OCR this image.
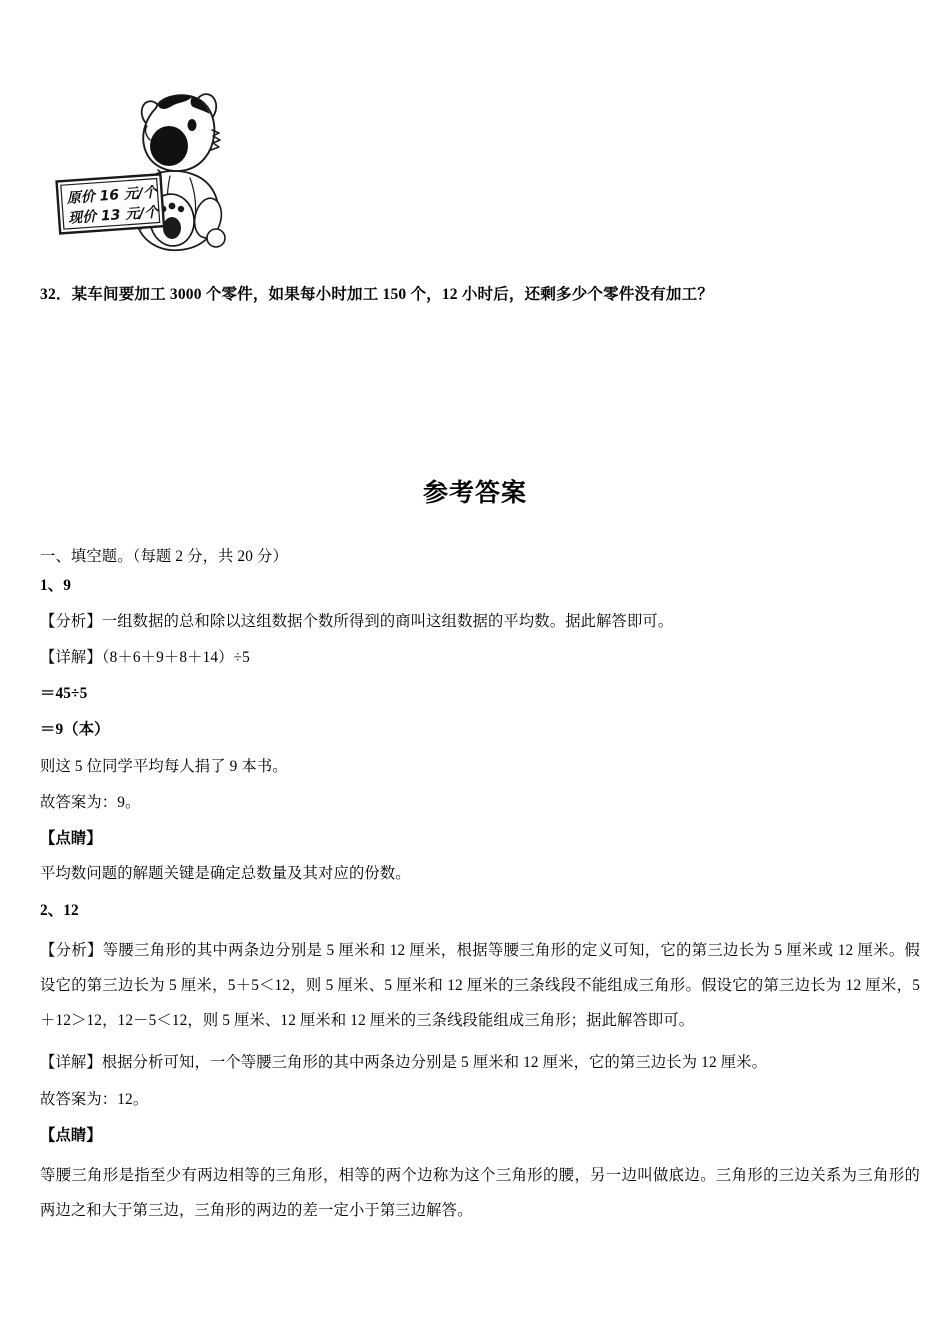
原价 16 元/个
现价 13 元/个
32．某车间要加工 3000 个零件，如果每小时加工 150 个，12 小时后，还剩多少个零件没有加工？
参考答案
一、填空题。（每题 2 分，共 20 分）
1、9
【分析】一组数据的总和除以这组数据个数所得到的商叫这组数据的平均数。据此解答即可。
【详解】（8＋6＋9＋8＋14）÷5
＝45÷5
＝9（本）
则这 5 位同学平均每人捐了 9 本书。
故答案为：9。
【点睛】
平均数问题的解题关键是确定总数量及其对应的份数。
2、12
【分析】等腰三角形的其中两条边分别是 5 厘米和 12 厘米，根据等腰三角形的定义可知，它的第三边长为 5 厘米或 12 厘米。假设它的第三边长为 5 厘米，5＋5＜12，则 5 厘米、5 厘米和 12 厘米的三条线段不能组成三角形。假设它的第三边长为 12 厘米，5＋12＞12，12－5＜12，则 5 厘米、12 厘米和 12 厘米的三条线段能组成三角形；据此解答即可。
【详解】根据分析可知，一个等腰三角形的其中两条边分别是 5 厘米和 12 厘米，它的第三边长为 12 厘米。
故答案为：12。
【点睛】
等腰三角形是指至少有两边相等的三角形，相等的两个边称为这个三角形的腰，另一边叫做底边。三角形的三边关系为三角形的两边之和大于第三边，三角形的两边的差一定小于第三边解答。
